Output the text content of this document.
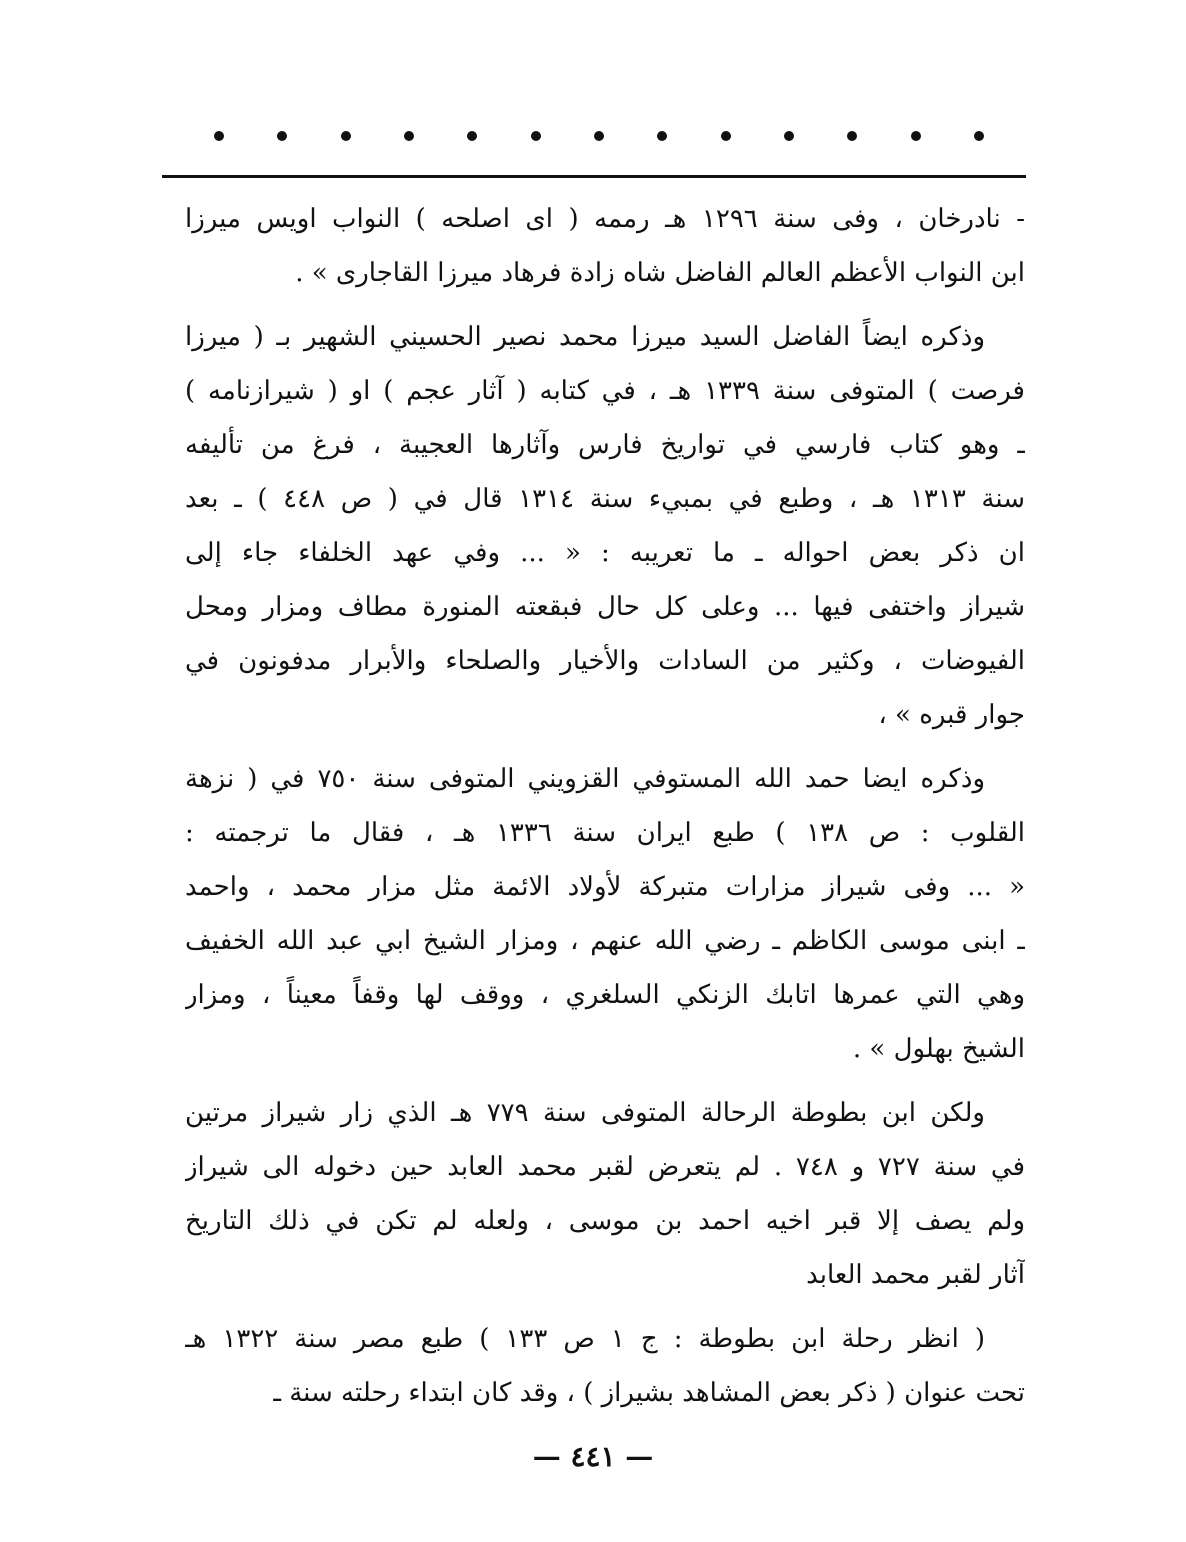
- نادرخان ، وفى سنة ١٢٩٦ هـ رممه ( اى اصلحه ) النواب اويس ميرزا
ابن النواب الأعظم العالم الفاضل شاه زادة فرهاد ميرزا القاجارى » .
وذكره ايضاً الفاضل السيد ميرزا محمد نصير الحسيني الشهير بـ ( ميرزا
فرصت ) المتوفى سنة ١٣٣٩ هـ ، في كتابه ( آثار عجم ) او ( شيرازنامه )
ـ وهو كتاب فارسي في تواريخ فارس وآثارها العجيبة ، فرغ من تأليفه
سنة ١٣١٣ هـ ، وطبع في بمبيء سنة ١٣١٤ قال في ( ص ٤٤٨ ) ـ بعد
ان ذكر بعض احواله ـ ما تعريبه : « ... وفي عهد الخلفاء جاء إلى
شيراز واختفى فيها ... وعلى كل حال فبقعته المنورة مطاف ومزار ومحل
الفيوضات ، وكثير من السادات والأخيار والصلحاء والأبرار مدفونون في
جوار قبره » ،
وذكره ايضا حمد الله المستوفي القزويني المتوفى سنة ٧٥٠ في ( نزهة
القلوب : ص ١٣٨ ) طبع ايران سنة ١٣٣٦ هـ ، فقال ما ترجمته :
« ... وفى شيراز مزارات متبركة لأولاد الائمة مثل مزار محمد ، واحمد
ـ ابنى موسى الكاظم ـ رضي الله عنهم ، ومزار الشيخ ابي عبد الله الخفيف
وهي التي عمرها اتابك الزنكي السلغري ، ووقف لها وقفاً معيناً ، ومزار
الشيخ بهلول » .
ولكن ابن بطوطة الرحالة المتوفى سنة ٧٧٩ هـ الذي زار شيراز مرتين
في سنة ٧٢٧ و ٧٤٨ . لم يتعرض لقبر محمد العابد حين دخوله الى شيراز
ولم يصف إلا قبر اخيه احمد بن موسى ، ولعله لم تكن في ذلك التاريخ
آثار لقبر محمد العابد
( انظر رحلة ابن بطوطة : ج ١ ص ١٣٣ ) طبع مصر سنة ١٣٢٢ هـ
تحت عنوان ( ذكر بعض المشاهد بشيراز ) ، وقد كان ابتداء رحلته سنة ـ
— ٤٤١ —
